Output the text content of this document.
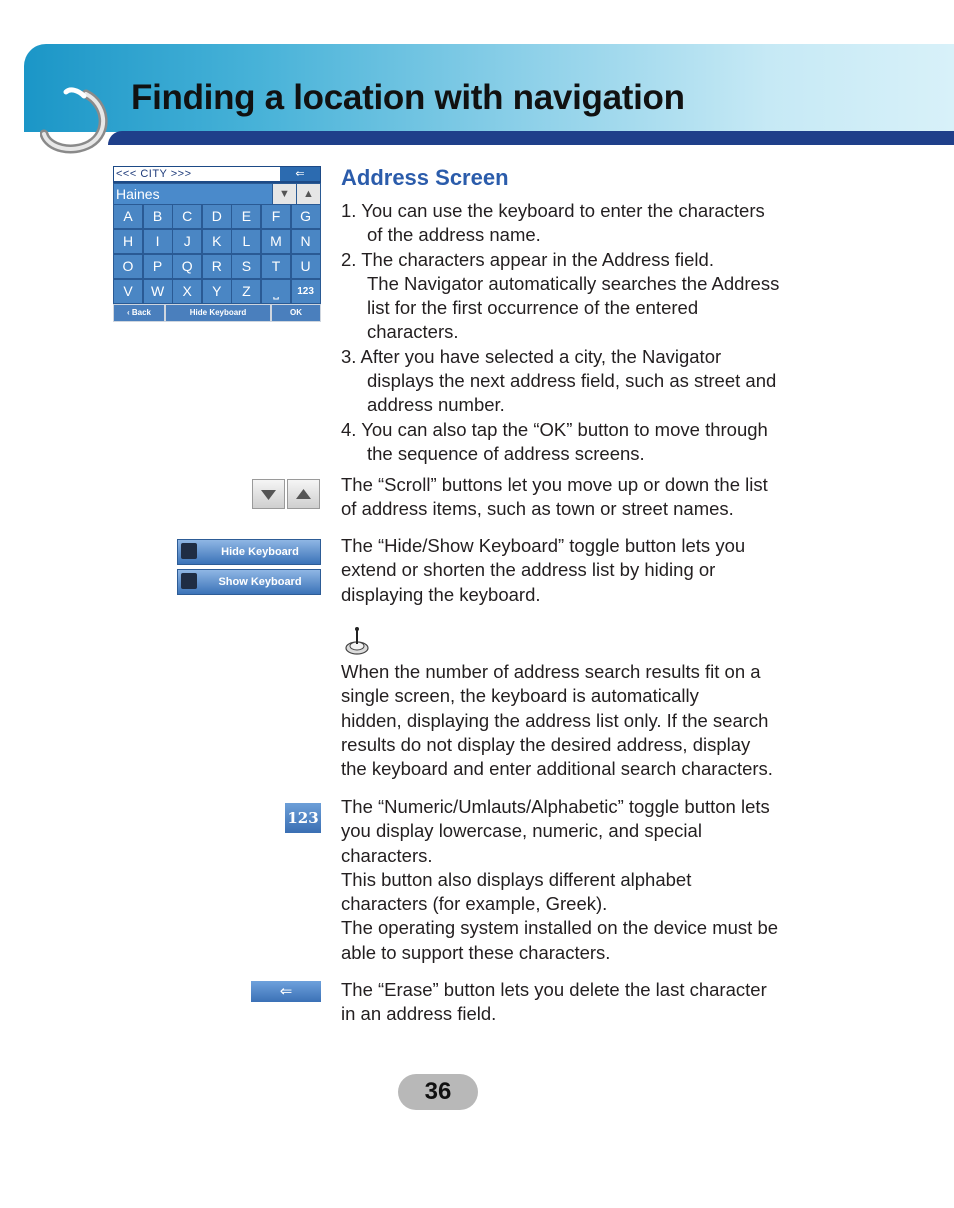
Finding a location with navigation
<<< CITY >>>	⇐
Haines	▼	▲
A	B	C	D	E	F	G
H	I	J	K	L	M	N
O	P	Q	R	S	T	U
V	W	X	Y	Z	⎵	123
‹ Back	Hide Keyboard	OK
Address Screen
1. You can use the keyboard to enter the characters
of the address name.
2. The characters appear in the Address field.
The Navigator automatically searches the Address
list for the first occurrence of the entered
characters.
3. After you have selected a city, the Navigator
displays the next address field, such as street and
address number.
4. You can also tap the “OK” button to move through
the sequence of address screens.
The “Scroll” buttons let you move up or down the list
of address items, such as town or street names.
Hide Keyboard
Show Keyboard
The “Hide/Show Keyboard” toggle button lets you
extend or shorten the address list by hiding or
displaying the keyboard.
When the number of address search results fit on a
single screen, the keyboard is automatically
hidden, displaying the address list only. If the search
results do not display the desired address, display
the keyboard and enter additional search characters.
123
The “Numeric/Umlauts/Alphabetic” toggle button lets
you display lowercase, numeric, and special
characters.
This button also displays different alphabet
characters (for example, Greek).
The operating system installed on the device must be
able to support these characters.
⇐	The “Erase” button lets you delete the last character
in an address field.
36
